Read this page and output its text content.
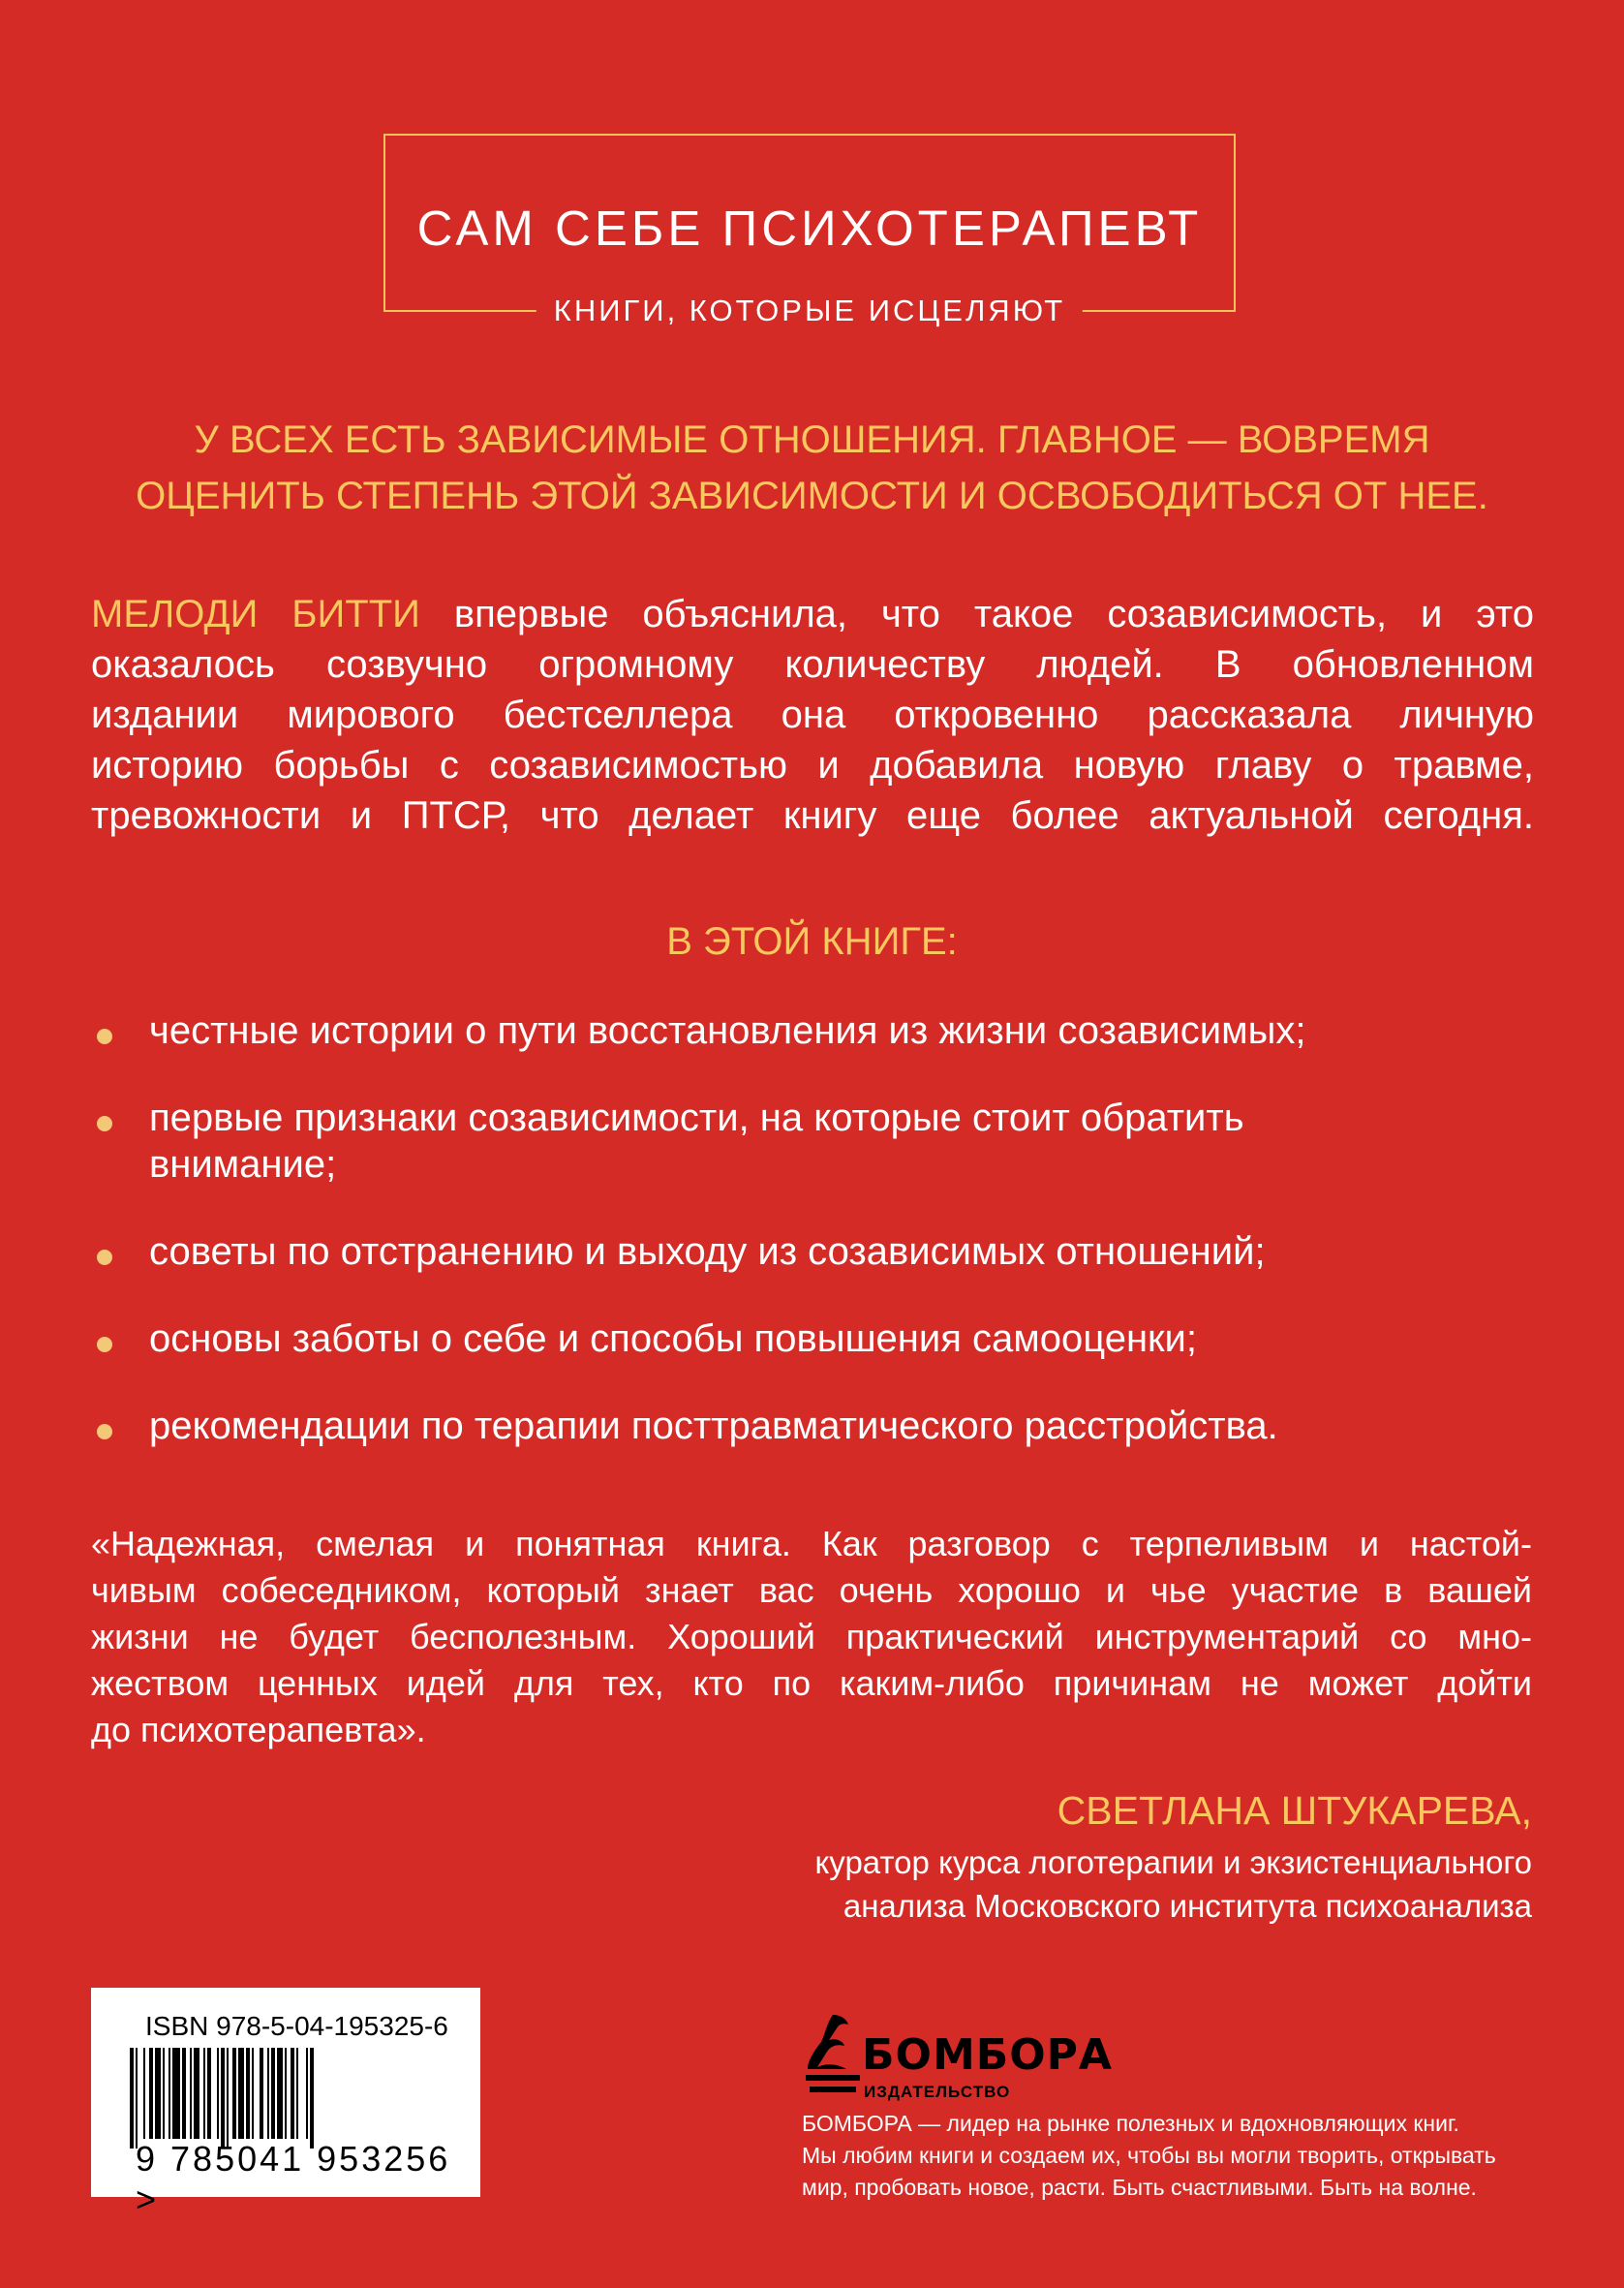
САМ СЕБЕ ПСИХОТЕРАПЕВТ
КНИГИ, КОТОРЫЕ ИСЦЕЛЯЮТ
У ВСЕХ ЕСТЬ ЗАВИСИМЫЕ ОТНОШЕНИЯ. ГЛАВНОЕ — ВОВРЕМЯ
ОЦЕНИТЬ СТЕПЕНЬ ЭТОЙ ЗАВИСИМОСТИ И ОСВОБОДИТЬСЯ ОТ НЕЕ.
МЕЛОДИ БИТТИ впервые объяснила, что такое созависимость, и это
оказалось созвучно огромному количеству людей. В обновленном
издании мирового бестселлера она откровенно рассказала личную
историю борьбы с созависимостью и добавила новую главу о травме,
тревожности и ПТСР, что делает книгу еще более актуальной сегодня.
В ЭТОЙ КНИГЕ:
честные истории о пути восстановления из жизни созависимых;
первые признаки созависимости, на которые стоит обратить
внимание;
советы по отстранению и выходу из созависимых отношений;
основы заботы о себе и способы повышения самооценки;
рекомендации по терапии посттравматического расстройства.
«Надежная, смелая и понятная книга. Как разговор с терпеливым и настой-
чивым собеседником, который знает вас очень хорошо и чье участие в вашей
жизни не будет бесполезным. Хороший практический инструментарий со мно-
жеством ценных идей для тех, кто по каким-либо причинам не может дойти
до психотерапевта».
СВЕТЛАНА ШТУКАРЕВА,
куратор курса логотерапии и экзистенциального
анализа Московского института психоанализа
ISBN 978-5-04-195325-6
9 785041 953256 >
БОМБОРА
ИЗДАТЕЛЬСТВО
БОМБОРА — лидер на рынке полезных и вдохновляющих книг.
Мы любим книги и создаем их, чтобы вы могли творить, открывать
мир, пробовать новое, расти. Быть счастливыми. Быть на волне.
